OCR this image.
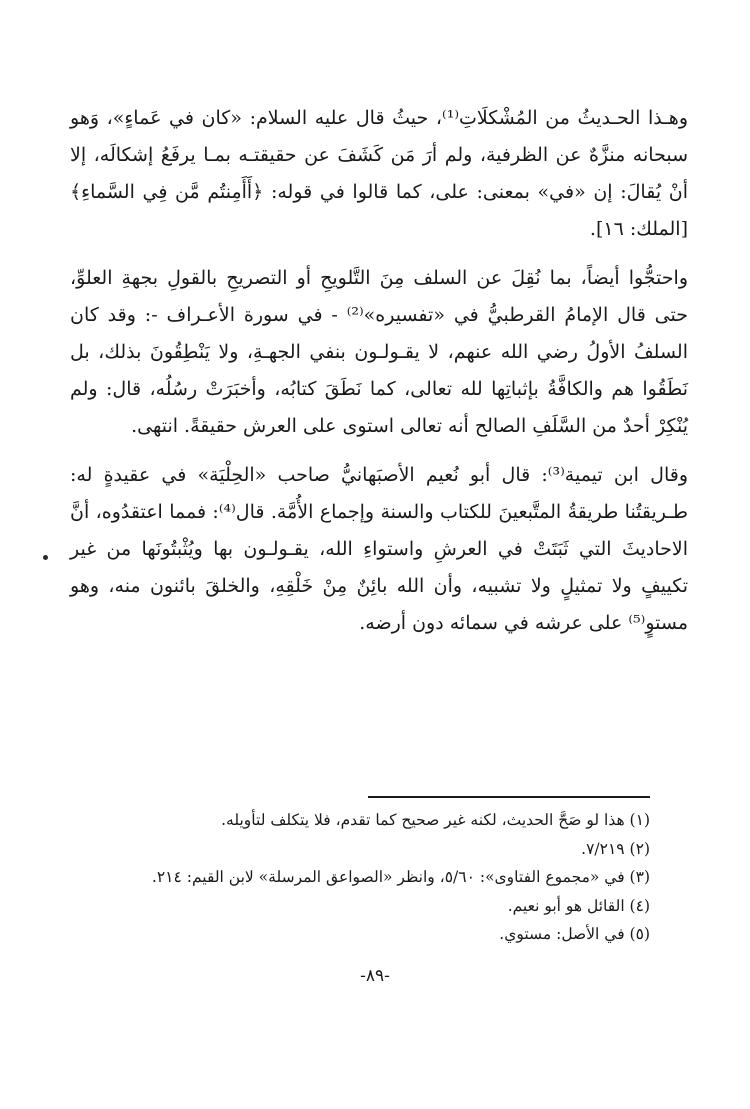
وهـذا الحـديثُ من المُشْكلَاتِ⁽¹⁾، حيثُ قال عليه السلام: «كان في عَماءٍ»، وَهو سبحانه منزَّهٌ عن الظرفية، ولم أرَ مَن كَشَفَ عن حقيقتـه بمـا يرفَعُ إشكالَه، إلا أنْ يُقالَ: إن «في» بمعنى: على، كما قالوا في قوله: ﴿أَأَمِنتُم مَّن فِي السَّماءِ﴾[الملك: ١٦].

واحتجُّوا أيضاً، بما نُقِلَ عن السلف مِنَ التَّلويحِ أو التصريحِ بالقولِ بجهةِ العلوِّ، حتى قال الإمامُ القرطبيُّ في «تفسيره»⁽²⁾ - في سورة الأعـراف -: وقد كان السلفُ الأولُ رضي الله عنهم، لا يقـولـون بنفي الجهـةِ، ولا يَنْطِقُونَ بذلك، بل نَطَقُوا هم والكافَّةُ بإثباتِها لله تعالى، كما نَطَقَ كتابُه، وأخبَرَتْ رسُلُه، قال: ولم يُنْكِرْ أحدٌ من السَّلَفِ الصالح أنه تعالى استوى على العرش حقيقةً. انتهى.

وقال ابن تيمية⁽³⁾: قال أبو نُعيم الأصبَهانيُّ صاحب «الحِلْيَة» في عقيدةٍ له: طـريقتُنا طريقةُ المتَّبعينَ للكتاب والسنة وإجماع الأُمَّة. قال⁽⁴⁾: فمما اعتقدُوه، أنَّ الاحاديثَ التي ثَبَتَتْ في العرشِ واستواءِ الله، يقـولـون بها ويُثْبتُونَها من غير تكييفٍ ولا تمثيلٍ ولا تشبيه، وأن الله بائِنٌ مِنْ خَلْقِهِ، والخلقَ بائنون منه، وهو مستوٍ⁽⁵⁾ على عرشه في سمائه دون أرضه.

(١) هذا لو صَحَّ الحديث، لكنه غير صحيح كما تقدم، فلا يتكلف لتأويله.

(٢) ٧/٢١٩.

(٣) في «مجموع الفتاوى»: ٥/٦٠، وانظر «الصواعق المرسلة» لابن القيم: ٢١٤.

(٤) القائل هو أبو نعيم.

(٥) في الأصل: مستوي.

-٨٩-
